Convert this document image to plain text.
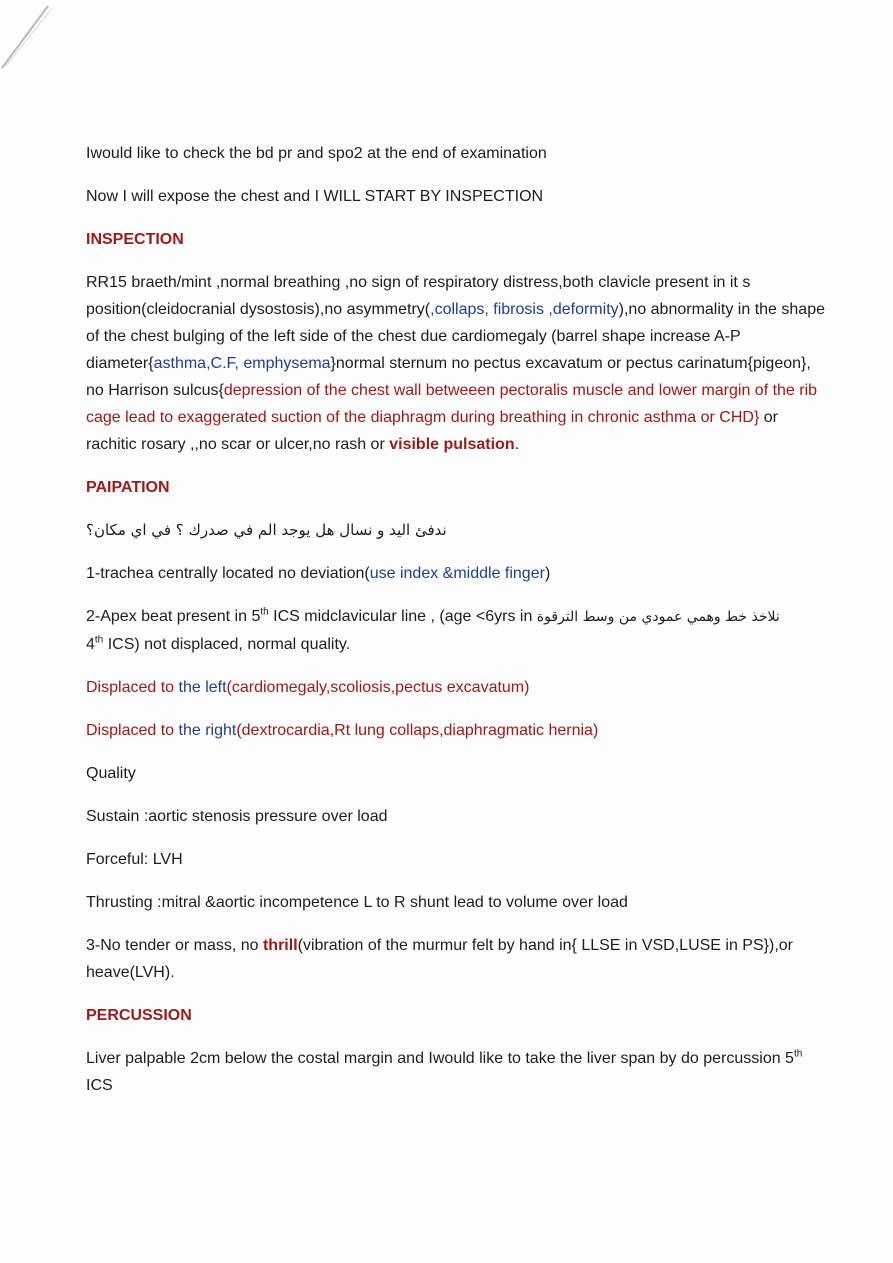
Iwould like to check the bd pr and spo2 at the end of examination

Now I will expose the chest and I WILL START BY INSPECTION

INSPECTION

RR15 braeth/mint ,normal breathing ,no sign of respiratory distress,both clavicle present in it s position(cleidocranial dysostosis),no asymmetry(,collaps, fibrosis ,deformity),no abnormality in the shape of the chest bulging of the left side of the chest due cardiomegaly (barrel shape increase A-P diameter{asthma,C.F, emphysema}normal sternum no pectus excavatum or pectus carinatum{pigeon}, no Harrison sulcus{depression of the chest wall betweeen pectoralis muscle and lower margin of the rib cage lead to exaggerated suction of the diaphragm during breathing in chronic asthma or CHD} or rachitic rosary ,,no scar or ulcer,no rash or visible pulsation.

PAIPATION

ندفئ اليد و نسال هل يوجد الم في صدرك ؟ في اي مكان؟

1-trachea centrally located no deviation(use index &middle finger)

2-Apex beat present in 5th ICS midclavicular line , (age <6yrs in نلاخذ خط وهمي عمودي من وسط الترقوة
4th ICS) not displaced, normal quality.

Displaced to the left(cardiomegaly,scoliosis,pectus excavatum)

Displaced to the right(dextrocardia,Rt lung collaps,diaphragmatic hernia)

Quality

Sustain :aortic stenosis pressure over load

Forceful: LVH

Thrusting :mitral &aortic incompetence L to R shunt lead to volume over load

3-No tender or mass, no thrill(vibration of the murmur felt by hand in{ LLSE in VSD,LUSE in PS}),or heave(LVH).

PERCUSSION

Liver palpable 2cm below the costal margin and Iwould like to take the liver span by do percussion 5th ICS
